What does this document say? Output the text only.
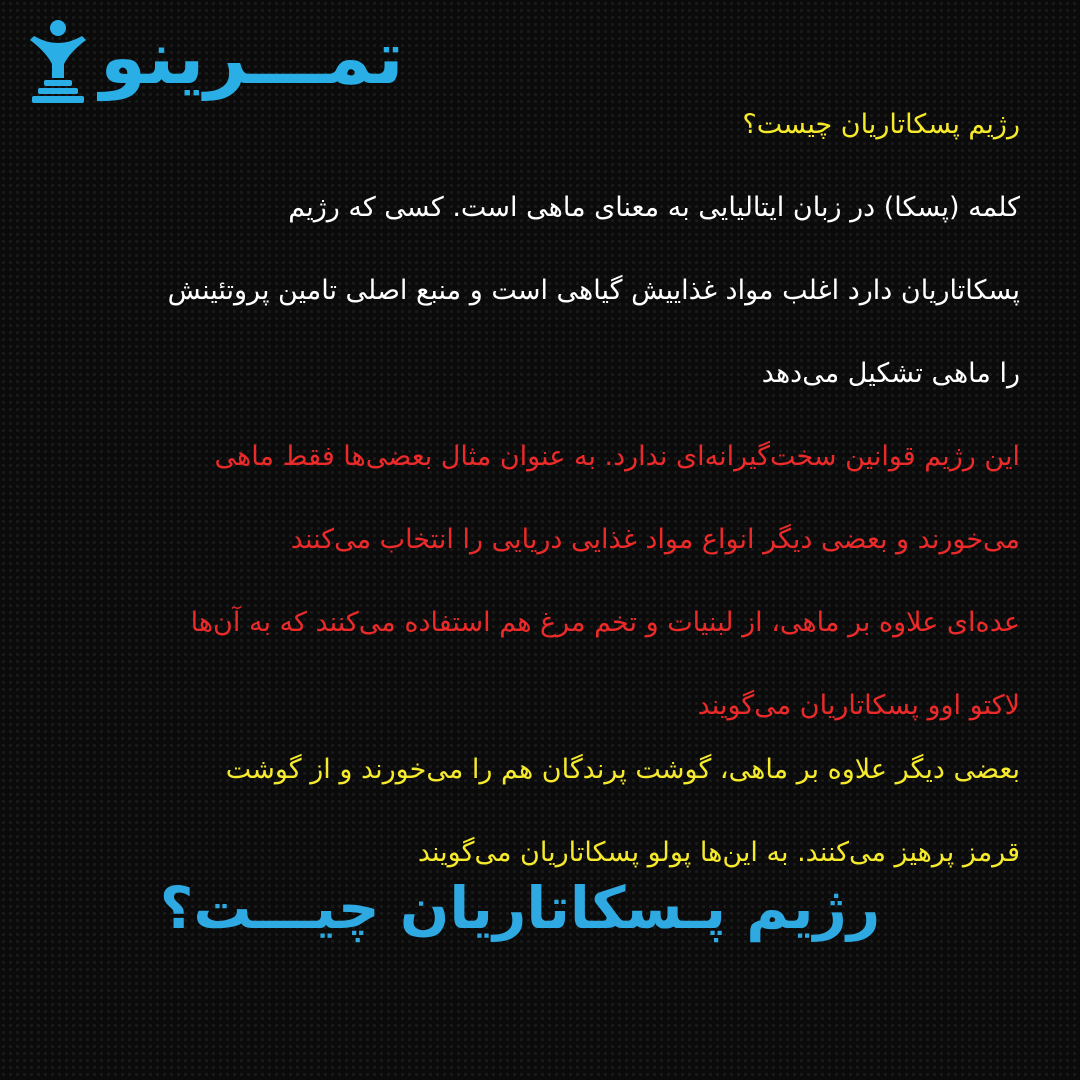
تمـــرینو

رژیم پسکاتاریان چیست؟

کلمه (پسکا) در زبان ایتالیایی به معنای ماهی است. کسی که رژیم

پسکاتاریان دارد اغلب مواد غذاییش گیاهی است و منبع اصلی تامین پروتئینش

را ماهی تشکیل می‌دهد

این رژیم قوانین سخت‌گیرانه‌ای ندارد. به عنوان مثال بعضی‌ها فقط ماهی

می‌خورند و بعضی دیگر انواع مواد غذایی دریایی را انتخاب می‌کنند

عده‌ای علاوه بر ماهی، از لبنیات و تخم مرغ هم استفاده می‌کنند که به آن‌ها

لاکتو اوو پسکاتاریان می‌گویند

بعضی دیگر علاوه بر ماهی، گوشت پرندگان هم را می‌خورند و از گوشت

قرمز پرهیز می‌کنند. به این‌ها پولو پسکاتاریان می‌گویند

رژیم پـسکاتاریان چیـــت؟
